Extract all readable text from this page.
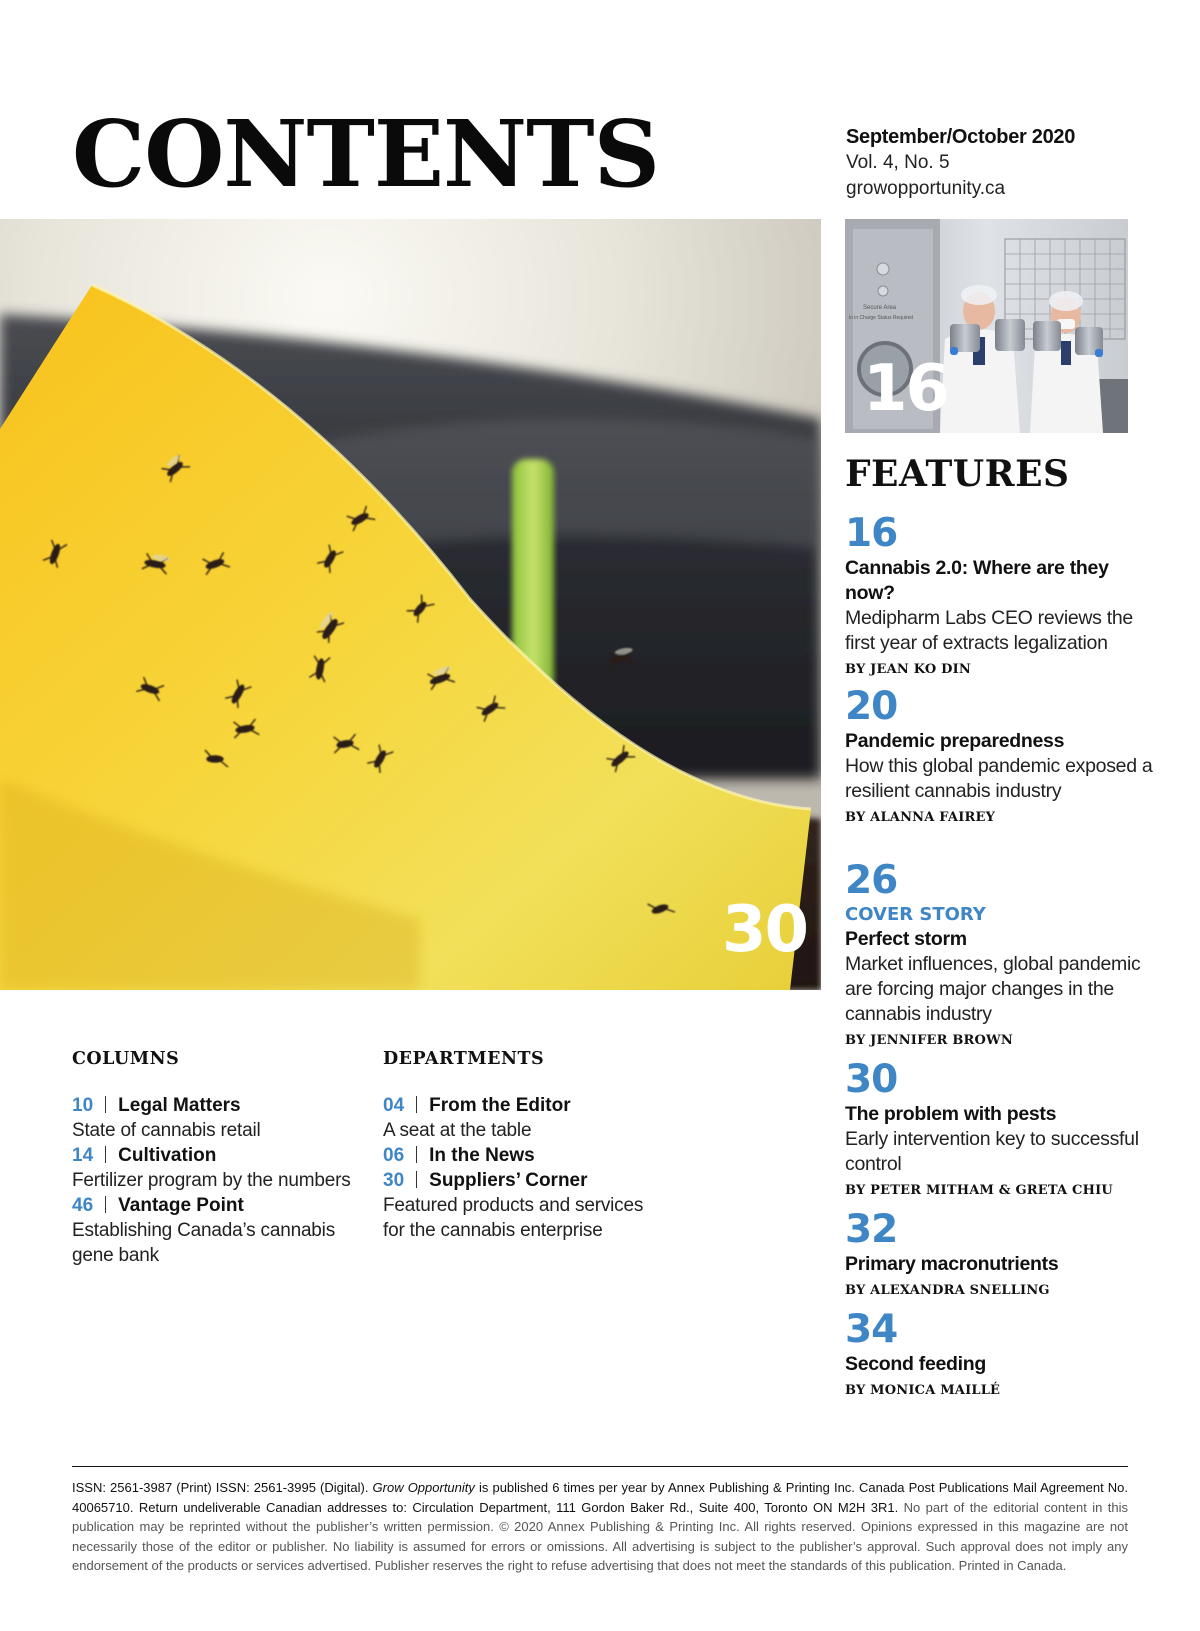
CONTENTS	September/October 2020
Vol. 4, No. 5
growopportunity.ca
30
Secure Area
in in Charge Status Required
16
FEATURES
16
Cannabis 2.0: Where are they now?
Medipharm Labs CEO reviews the first year of extracts legalization
BY JEAN KO DIN
20
Pandemic preparedness
How this global pandemic exposed a resilient cannabis industry
BY ALANNA FAIREY
26
COVER STORY
Perfect storm
Market influences, global pandemic are forcing major changes in the cannabis industry
BY JENNIFER BROWN
30
The problem with pests
Early intervention key to successful control
BY PETER MITHAM & GRETA CHIU
32
Primary macronutrients
BY ALEXANDRA SNELLING
34
Second feeding
BY MONICA MAILLÉ
COLUMNS
10 Legal Matters
State of cannabis retail
14 Cultivation
Fertilizer program by the numbers
46 Vantage Point
Establishing Canada’s cannabis
gene bank
DEPARTMENTS
04 From the Editor
A seat at the table
06 In the News
30 Suppliers’ Corner
Featured products and services
for the cannabis enterprise
ISSN: 2561-3987 (Print) ISSN: 2561-3995 (Digital). Grow Opportunity is published 6 times per year by Annex Publishing & Printing Inc. Canada Post Publications Mail Agreement No. 40065710. Return undeliverable Canadian addresses to: Circulation Department, 111 Gordon Baker Rd., Suite 400, Toronto ON M2H 3R1. No part of the editorial content in this publication may be reprinted without the publisher’s written permission. © 2020 Annex Publishing & Printing Inc. All rights reserved. Opinions expressed in this magazine are not necessarily those of the editor or publisher. No liability is assumed for errors or omissions. All advertising is subject to the publisher’s approval. Such approval does not imply any endorsement of the products or services advertised. Publisher reserves the right to refuse advertising that does not meet the standards of this publication. Printed in Canada.
